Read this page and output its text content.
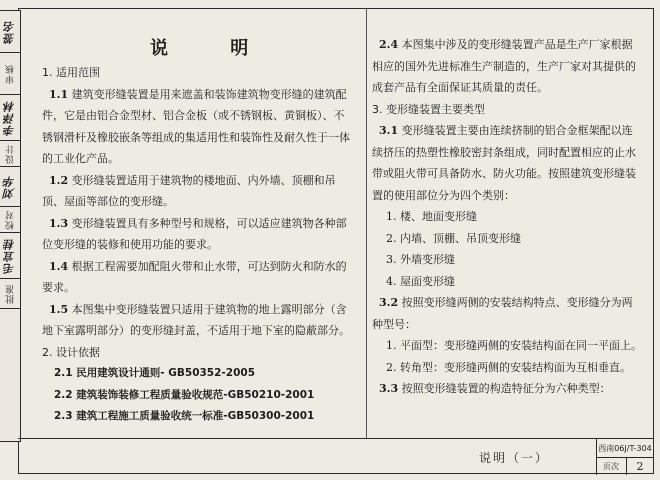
签名
审核
李泽林
设计
刘华
校对
毛宜桂
批准
说 明
1. 适用范围
1.1 建筑变形缝装置是用来遮盖和装饰建筑物变形缝的建筑配件，它是由铝合金型材、铝合金板（或不锈钢板、黄铜板）、不锈钢滑杆及橡胶嵌条等组成的集适用性和装饰性及耐久性于一体的工业化产品。
1.2 变形缝装置适用于建筑物的楼地面、内外墙、顶棚和吊顶、屋面等部位的变形缝。
1.3 变形缝装置具有多种型号和规格，可以适应建筑物各种部位变形缝的装修和使用功能的要求。
1.4 根据工程需要加配阻火带和止水带，可达到防火和防水的要求。
1.5 本图集中变形缝装置只适用于建筑物的地上露明部分（含地下室露明部分）的变形缝封盖，不适用于地下室的隐蔽部分。
2. 设计依据
2.1 民用建筑设计通则- GB50352-2005
2.2 建筑装饰装修工程质量验收规范-GB50210-2001
2.3 建筑工程施工质量验收统一标准-GB50300-2001
2.4 本图集中涉及的变形缝装置产品是生产厂家根据相应的国外先进标准生产制造的，生产厂家对其提供的成套产品有全面保证其质量的责任。
3. 变形缝装置主要类型
3.1 变形缝装置主要由连续挤制的铝合金框架配以连续挤压的热塑性橡胶密封条组成，同时配置相应的止水带或阻火带可具备防水、防火功能。按照建筑变形缝装置的使用部位分为四个类别：
1. 楼、地面变形缝
2. 内墙、顶棚、吊顶变形缝
3. 外墙变形缝
4. 屋面变形缝
3.2 按照变形缝两侧的安装结构特点、变形缝分为两种型号：
1. 平面型：变形缝两侧的安装结构面在同一平面上。
2. 转角型：变形缝两侧的安装结构面为互相垂直。
3.3 按照变形缝装置的构造特征分为六种类型：
说明（一）
西南06J/T-304
页次	2
